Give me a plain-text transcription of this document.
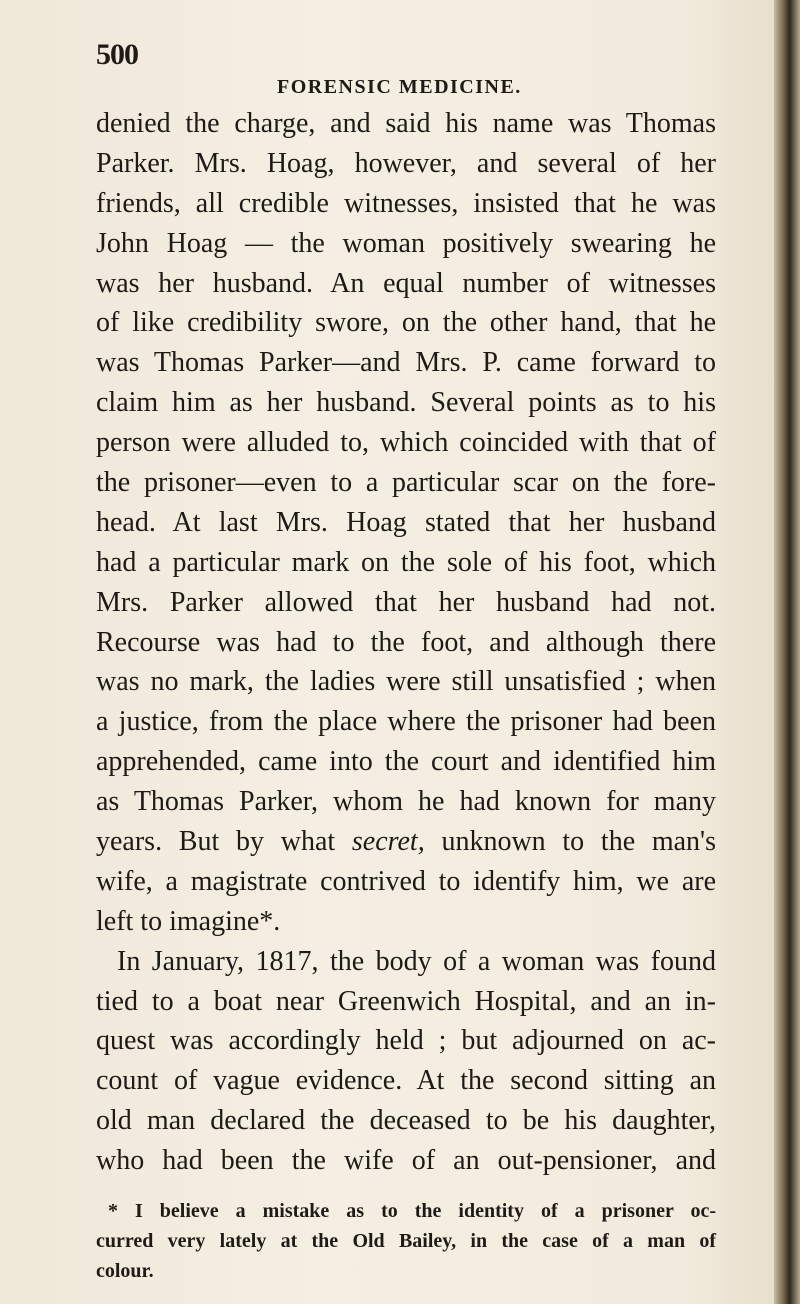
500
FORENSIC MEDICINE.
denied the charge, and said his name was Thomas
Parker. Mrs. Hoag, however, and several of her
friends, all credible witnesses, insisted that he was
John Hoag — the woman positively swearing he
was her husband. An equal number of witnesses
of like credibility swore, on the other hand, that he
was Thomas Parker—and Mrs. P. came forward to
claim him as her husband. Several points as to his
person were alluded to, which coincided with that of
the prisoner—even to a particular scar on the fore-
head. At last Mrs. Hoag stated that her husband
had a particular mark on the sole of his foot, which
Mrs. Parker allowed that her husband had not.
Recourse was had to the foot, and although there
was no mark, the ladies were still unsatisfied ; when
a justice, from the place where the prisoner had been
apprehended, came into the court and identified him
as Thomas Parker, whom he had known for many
years. But by what secret, unknown to the man's
wife, a magistrate contrived to identify him, we are
left to imagine*.
In January, 1817, the body of a woman was found
tied to a boat near Greenwich Hospital, and an in-
quest was accordingly held ; but adjourned on ac-
count of vague evidence. At the second sitting an
old man declared the deceased to be his daughter,
who had been the wife of an out-pensioner, and
* I believe a mistake as to the identity of a prisoner oc-
curred very lately at the Old Bailey, in the case of a man of
colour.
